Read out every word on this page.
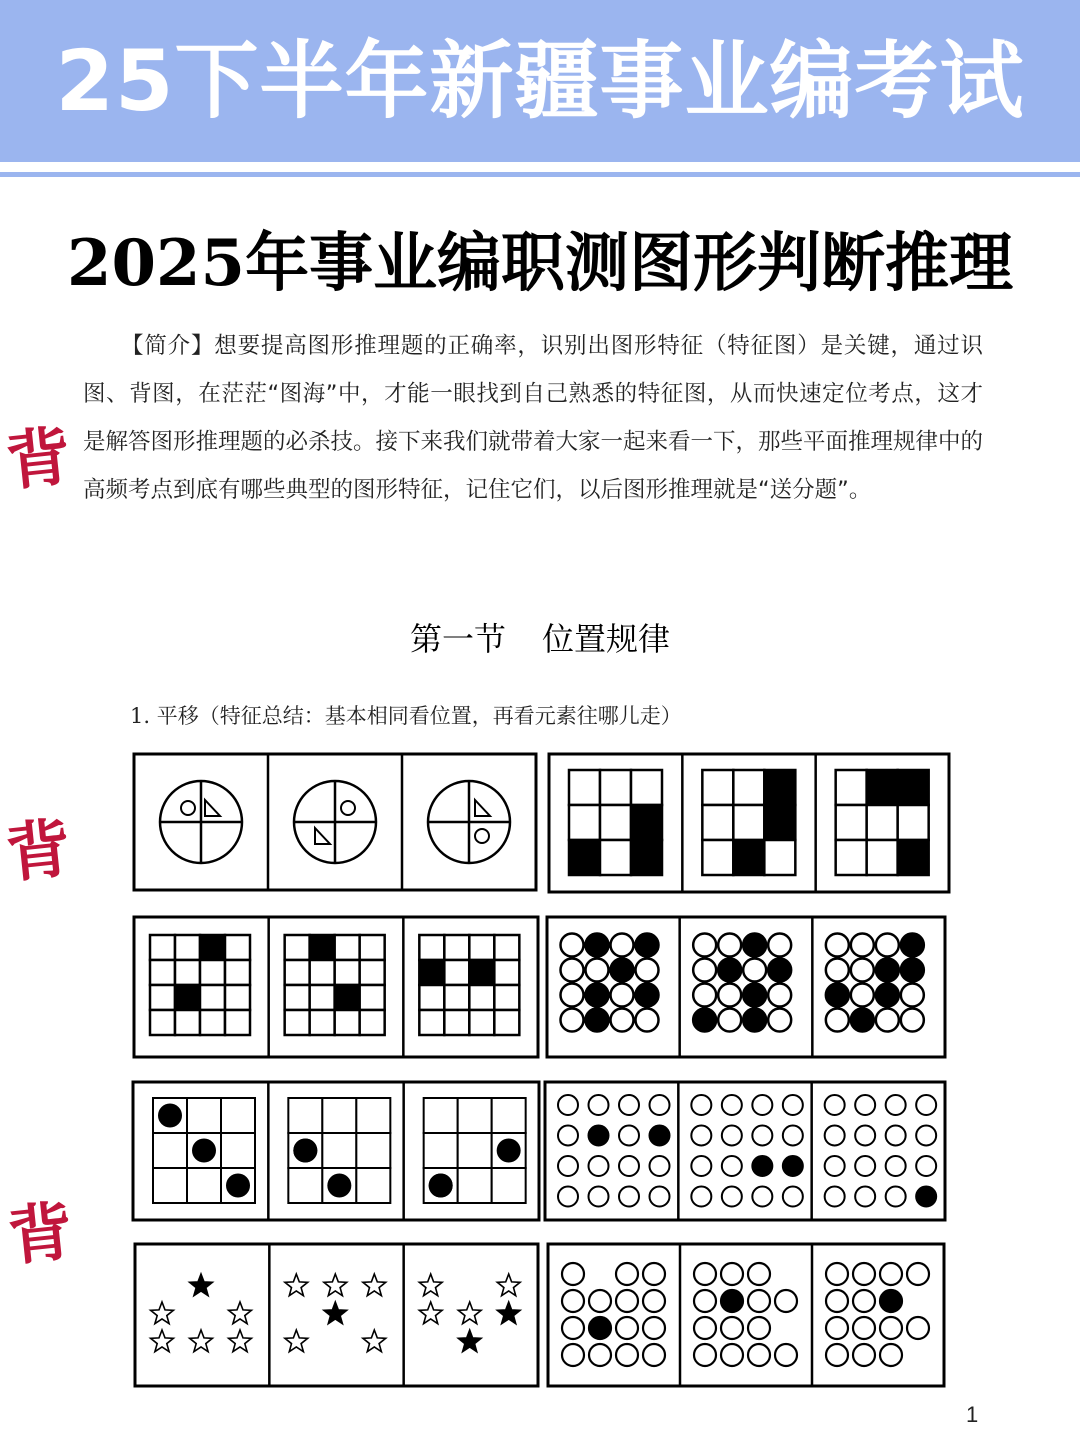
25下半年新疆事业编考试
2025年事业编职测图形判断推理

【简介】想要提高图形推理题的正确率，识别出图形特征（特征图）是关键，通过识图、背图，在茫茫“图海”中，才能一眼找到自己熟悉的特征图，从而快速定位考点，这才是解答图形推理题的必杀技。接下来我们就带着大家一起来看一下，那些平面推理规律中的高频考点到底有哪些典型的图形特征，记住它们，以后图形推理就是“送分题”。

背
背
背
第一节 位置规律
1. 平移（特征总结：基本相同看位置，再看元素往哪儿走）
1
